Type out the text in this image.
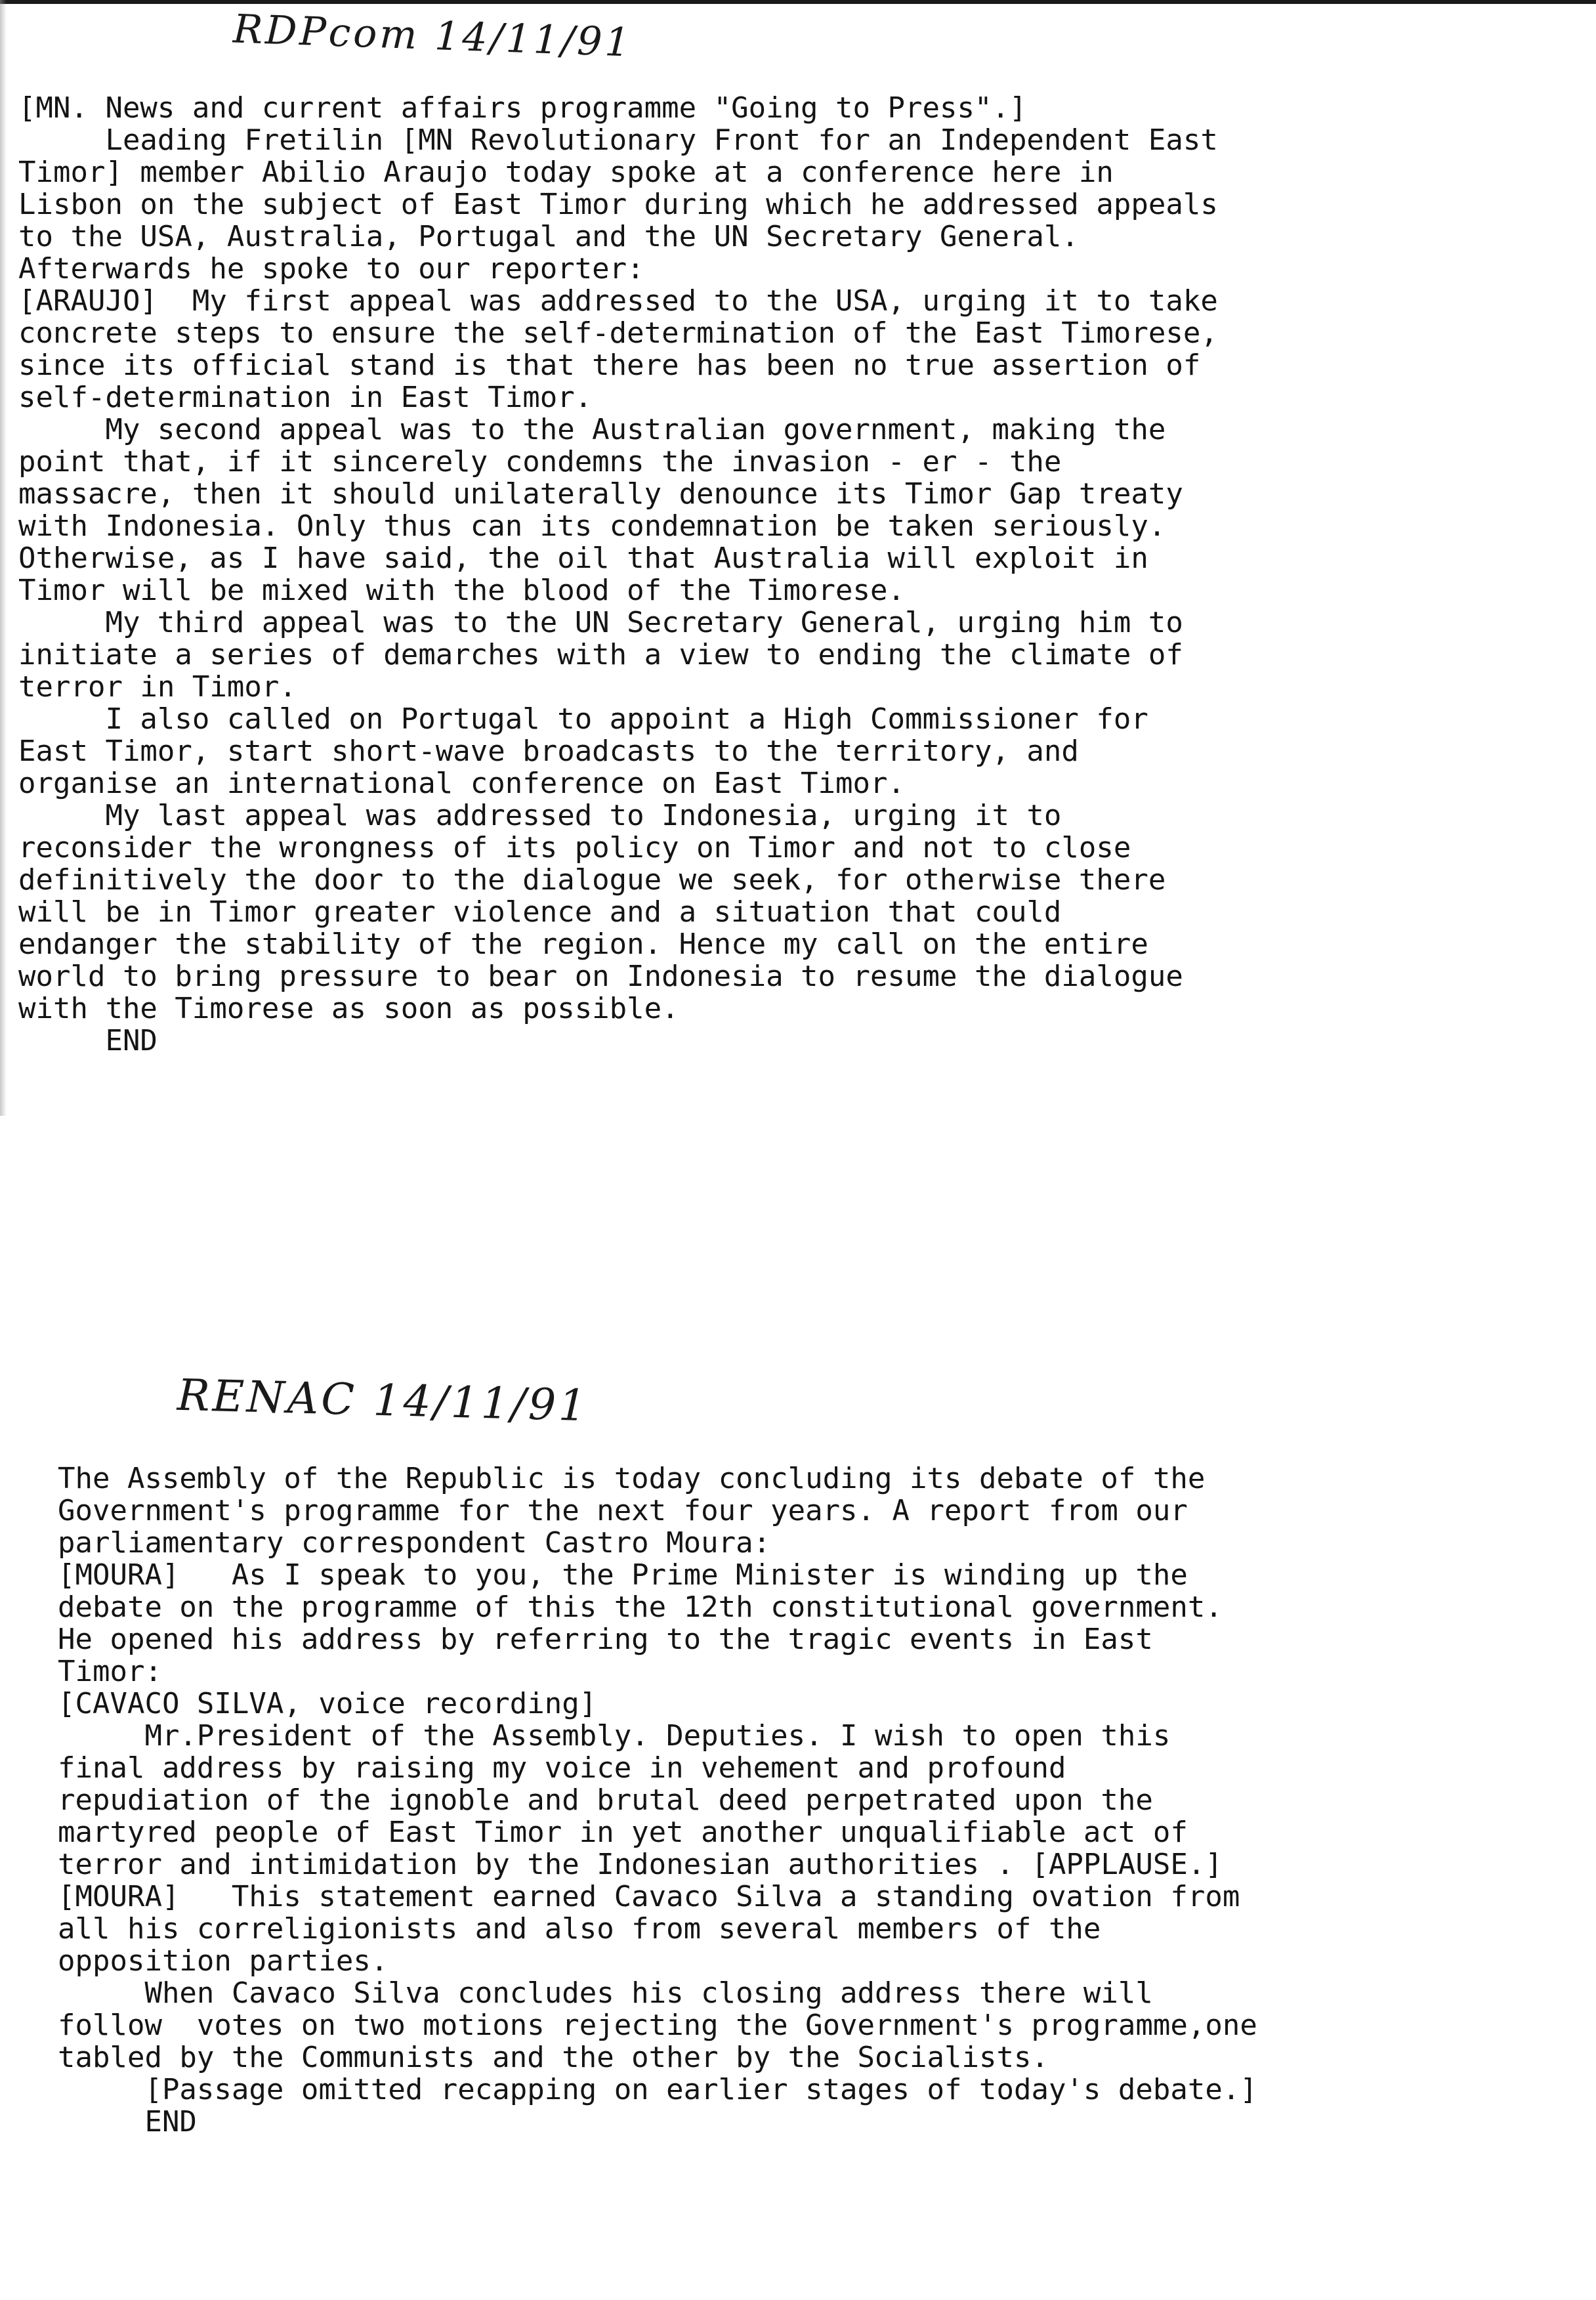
RDPcom 14/11/91
[MN. News and current affairs programme "Going to Press".]
Leading Fretilin [MN Revolutionary Front for an Independent East
Timor] member Abilio Araujo today spoke at a conference here in
Lisbon on the subject of East Timor during which he addressed appeals
to the USA, Australia, Portugal and the UN Secretary General.
Afterwards he spoke to our reporter:
[ARAUJO]  My first appeal was addressed to the USA, urging it to take
concrete steps to ensure the self-determination of the East Timorese,
since its official stand is that there has been no true assertion of
self-determination in East Timor.
My second appeal was to the Australian government, making the
point that, if it sincerely condemns the invasion - er - the
massacre, then it should unilaterally denounce its Timor Gap treaty
with Indonesia. Only thus can its condemnation be taken seriously.
Otherwise, as I have said, the oil that Australia will exploit in
Timor will be mixed with the blood of the Timorese.
My third appeal was to the UN Secretary General, urging him to
initiate a series of demarches with a view to ending the climate of
terror in Timor.
I also called on Portugal to appoint a High Commissioner for
East Timor, start short-wave broadcasts to the territory, and
organise an international conference on East Timor.
My last appeal was addressed to Indonesia, urging it to
reconsider the wrongness of its policy on Timor and not to close
definitively the door to the dialogue we seek, for otherwise there
will be in Timor greater violence and a situation that could
endanger the stability of the region. Hence my call on the entire
world to bring pressure to bear on Indonesia to resume the dialogue
with the Timorese as soon as possible.
END
RENAC 14/11/91
The Assembly of the Republic is today concluding its debate of the
Government's programme for the next four years. A report from our
parliamentary correspondent Castro Moura:
[MOURA]   As I speak to you, the Prime Minister is winding up the
debate on the programme of this the 12th constitutional government.
He opened his address by referring to the tragic events in East
Timor:
[CAVACO SILVA, voice recording]
Mr.President of the Assembly. Deputies. I wish to open this
final address by raising my voice in vehement and profound
repudiation of the ignoble and brutal deed perpetrated upon the
martyred people of East Timor in yet another unqualifiable act of
terror and intimidation by the Indonesian authorities . [APPLAUSE.]
[MOURA]   This statement earned Cavaco Silva a standing ovation from
all his correligionists and also from several members of the
opposition parties.
When Cavaco Silva concludes his closing address there will
follow  votes on two motions rejecting the Government's programme,one
tabled by the Communists and the other by the Socialists.
[Passage omitted recapping on earlier stages of today's debate.]
END
